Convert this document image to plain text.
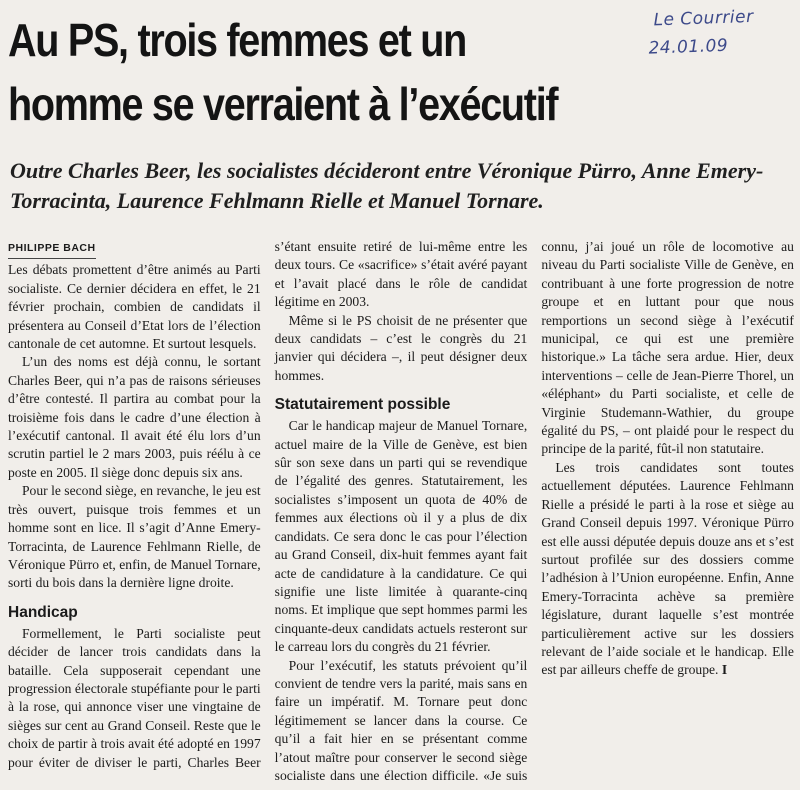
Le Courrier
24.01.09
Au PS, trois femmes et un
homme se verraient à l’exécutif

Outre Charles Beer, les socialistes décideront entre Véronique Pürro, Anne Emery-Torracinta, Laurence Fehlmann Rielle et Manuel Tornare.

PHILIPPE BACH

Les débats promettent d’être animés au Parti socialiste. Ce dernier décidera en effet, le 21 février prochain, combien de candidats il présentera au Conseil d’Etat lors de l’élection cantonale de cet automne. Et surtout lesquels.

L’un des noms est déjà connu, le sortant Charles Beer, qui n’a pas de raisons sérieuses d’être contesté. Il partira au combat pour la troisième fois dans le cadre d’une élection à l’exécutif cantonal. Il avait été élu lors d’un scrutin partiel le 2 mars 2003, puis réélu à ce poste en 2005. Il siège donc depuis six ans.

Pour le second siège, en revanche, le jeu est très ouvert, puisque trois femmes et un homme sont en lice. Il s’agit d’Anne Emery-Torracinta, de Laurence Fehlmann Rielle, de Véronique Pürro et, enfin, de Manuel Tornare, sorti du bois dans la dernière ligne droite.

Handicap

Formellement, le Parti socialiste peut décider de lancer trois candidats dans la bataille. Cela supposerait cependant une progression électorale stupéfiante pour le parti à la rose, qui annonce viser une vingtaine de sièges sur cent au Grand Conseil. Reste que le choix de partir à trois avait été adopté en 1997 pour éviter de diviser le parti, Charles Beer s’étant ensuite retiré de lui-même entre les deux tours. Ce «sacrifice» s’était avéré payant et l’avait placé dans le rôle de candidat légitime en 2003.

Même si le PS choisit de ne présenter que deux candidats – c’est le congrès du 21 janvier qui décidera –, il peut désigner deux hommes.

Statutairement possible

Car le handicap majeur de Manuel Tornare, actuel maire de la Ville de Genève, est bien sûr son sexe dans un parti qui se revendique de l’égalité des genres. Statutairement, les socialistes s’imposent un quota de 40% de femmes aux élections où il y a plus de dix candidats. Ce sera donc le cas pour l’élection au Grand Conseil, dix-huit femmes ayant fait acte de candidature à la candidature. Ce qui signifie une liste limitée à quarante-cinq noms. Et implique que sept hommes parmi les cinquante-deux candidats actuels resteront sur le carreau lors du congrès du 21 février.

Pour l’exécutif, les statuts prévoient qu’il convient de tendre vers la parité, mais sans en faire un impératif. M. Tornare peut donc légitimement se lancer dans la course. Ce qu’il a fait hier en se présentant comme l’atout maître pour conserver le second siège socialiste dans une élection difficile. «Je suis connu, j’ai joué un rôle de locomotive au niveau du Parti socialiste Ville de Genève, en contribuant à une forte progression de notre groupe et en luttant pour que nous remportions un second siège à l’exécutif municipal, ce qui est une première historique.» La tâche sera ardue. Hier, deux interventions – celle de Jean-Pierre Thorel, un «éléphant» du Parti socialiste, et celle de Virginie Studemann-Wathier, du groupe égalité du PS, – ont plaidé pour le respect du principe de la parité, fût-il non statutaire.

Les trois candidates sont toutes actuellement députées. Laurence Fehlmann Rielle a présidé le parti à la rose et siège au Grand Conseil depuis 1997. Véronique Pürro est elle aussi députée depuis douze ans et s’est surtout profilée sur des dossiers comme l’adhésion à l’Union européenne. Enfin, Anne Emery-Torracinta achève sa première législature, durant laquelle s’est montrée particulièrement active sur les dossiers relevant de l’aide sociale et le handicap. Elle est par ailleurs cheffe de groupe. I
